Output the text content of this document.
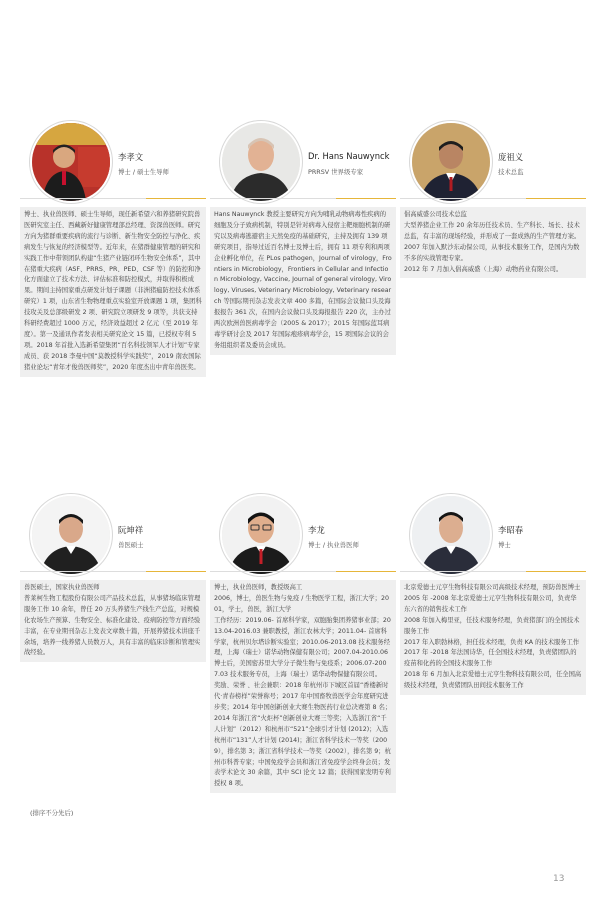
李孝文
博士 / 硕士生导师

博士、执业兽医师、硕士生导师，现任新希望六和养猪研究院兽医研究室主任、西藏新好健康管理部总经理、资深兽医师。研究方向为猪群重要疾病的流行与诊断、新生物安全防控与净化、疾病发生与恢复的经济模型等。近年来，在猪群健康管理的研究和实践工作中带领团队构建“生猪产业链闭环生物安全体系”，其中在猪重大疾病（ASF、PRRS、PR、PED、CSF 等）的防控和净化方面建立了技术方法、评估标准和防控模式，并取得积极成果。期间主持国家重点研发计划子课题（非洲猪瘟防控技术体系研究）1 项，山东省生物物理重点实验室开放课题 1 项，集团科技攻关及总部级研发 2 项、研究院立项研发 9 项等，共获支持科研经费超过 1000 万元，经济效益超过 2 亿元（至 2019 年度）。第一及通讯作者发表相关研究论文 15 篇，已授权专利 5 项。2018 年首批入选新希望集团“百名科技领军人才计划”专家成员、获 2018 李曼中国“莫教授科学实践奖”，2019 南农国际猪业论坛“青年才俊兽医师奖”，2020 年度杰出中青年兽医奖。

Dr. Hans Nauwynck
PRRSV 世界级专家

Hans Nauwynck 教授主要研究方向为哺乳动物病毒性疾病的细胞及分子致病机制，特别是针对病毒入侵宿主靶细胞机制的研究以及病毒逃避宿主天然免疫的基础研究，主持及拥有 139 项研究项目，指导过近百名博士及博士后，拥有 11 项专利和两项企业孵化单位，在 PLos pathogen，Journal of virology，Frontiers in Microbiology，Frontiers in Cellular and Infection Microbiology, Vaccine, Journal of general virology, Virology, Viruses, Veterinary Microbiology, Veterinary research 等国际期刊杂志发表文章 400 多篇，在国际会议做口头及海报报告 361 次，在国内会议做口头及海报报告 220 次，主办过两次欧洲兽医病毒学会（2005 & 2017）；2015 年国际蓝耳病毒学研讨会及 2017 年国际疱疹病毒学会，15 项国际会议的会务组组织者及委员会成员。

庞祖义
技术总监

倡高威盛公司技术总监

大型养猪企业工作 20 余年历任技术员、生产科长、场长、技术总监，有丰富的现场经验，并形成了一套成熟的生产管理方案。

2007 年加入默沙东动保公司，从事技术服务工作，是国内为数不多的实战管理专家。

2012 年 7 月加入倡高威盛（上海）动物药业有限公司。

阮坤祥
兽医硕士

兽医硕士，国家执业兽医师

普莱柯生物工程股份有限公司产品技术总监，从事猪场临床管理服务工作 10 余年，曾任 20 万头养猪生产线生产总监，对规模化农场生产预算、生物安全、标准化建设、疫病防控等方面经验丰富，在专业期刊杂志上发表文章数十篇，开展养猪技术讲座千余场，培养一线养猪人员数万人，具有丰富的临床诊断和管理实战经验。

李龙
博士 / 执业兽医师

博士，执业兽医师，教授级高工

2006，博士，兽医生物与免疫 / 生物医学工程，浙江大学；2001，学士，兽医，浙江大学

工作经历：2019.06- 首席科学家，双胞胎集团养猪事业部；2013.04-2016.03 兼职教授，浙江农林大学；2011.04- 首席科学家，杭州贝尔塔诊断实验室；2010.06-2013.08 技术服务经理，上海（瑞士）诺华动物保健有限公司；2007.04-2010.06 博士后，美国密苏里大学分子微生物与免疫系；2006.07-2007.03 技术服务专员，上海（瑞士）诺华动物保健有限公司。

奖励、荣誉 、社会兼职：2018 年杭州市下城区首届“香楼新时代·青春榜样”荣誉称号；2017 年中国畜牧兽医学会年度研究进步奖；2014 年中国创新创业大赛生物医药行业总决赛第 8 名；2014 年浙江省“火炬杯”创新创业大赛三等奖；入选浙江省“千人计划”（2012）和杭州市“521”全球引才计划 (2012)；入选杭州市“131”人才计划 (2014)；浙江省科学技术一等奖（2009），排名第 3；浙江省科学技术一等奖（2002），排名第 9；杭州市科普专家；中国免疫学会员和浙江省免疫学会终身会员；发表学术论文 30 余篇，其中 SCI 论文 12 篇；获得国家发明专利授权 8 项。

李昭春
博士

北京爱德士元亨生物科技有限公司高级技术经理，预防兽医博士

2005 年 -2008 年北京爱德士元亨生物科技有限公司，负责华东六省的销售技术工作

2008 年加入梅里亚，任技术服务经理，负责猪部门的全国技术服务工作

2017 年入职勃林格，担任技术经理，负责 KA 的技术服务工作

2017 年 -2018 年法国诗华，任全国技术经理，负责猪团队的疫苗和化药的全国技术服务工作

2018 年 6 月加入北京爱德士元亨生物科技有限公司，任全国高级技术经理，负责猪团队田间技术服务工作

(排序不分先后)
13
